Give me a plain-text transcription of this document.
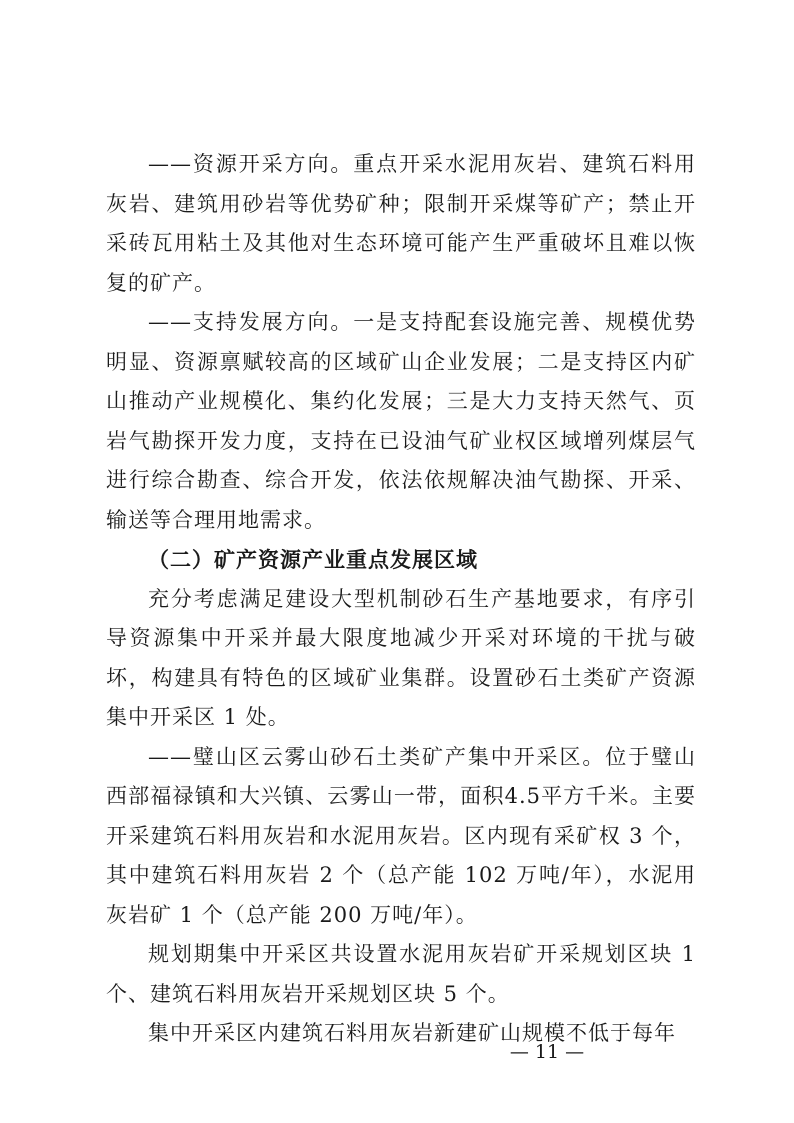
——资源开采方向。重点开采水泥用灰岩、建筑石料用灰岩、建筑用砂岩等优势矿种；限制开采煤等矿产；禁止开采砖瓦用粘土及其他对生态环境可能产生严重破坏且难以恢复的矿产。

——支持发展方向。一是支持配套设施完善、规模优势明显、资源禀赋较高的区域矿山企业发展；二是支持区内矿山推动产业规模化、集约化发展；三是大力支持天然气、页岩气勘探开发力度，支持在已设油气矿业权区域增列煤层气进行综合勘查、综合开发，依法依规解决油气勘探、开采、输送等合理用地需求。

（二）矿产资源产业重点发展区域

充分考虑满足建设大型机制砂石生产基地要求，有序引导资源集中开采并最大限度地减少开采对环境的干扰与破坏，构建具有特色的区域矿业集群。设置砂石土类矿产资源集中开采区 1 处。

——璧山区云雾山砂石土类矿产集中开采区。位于璧山西部福禄镇和大兴镇、云雾山一带，面积4.5平方千米。主要开采建筑石料用灰岩和水泥用灰岩。区内现有采矿权 3 个，其中建筑石料用灰岩 2 个（总产能 102 万吨/年），水泥用灰岩矿 1 个（总产能 200 万吨/年）。

规划期集中开采区共设置水泥用灰岩矿开采规划区块 1 个、建筑石料用灰岩开采规划区块 5 个。

集中开采区内建筑石料用灰岩新建矿山规模不低于每年

— 11 —
